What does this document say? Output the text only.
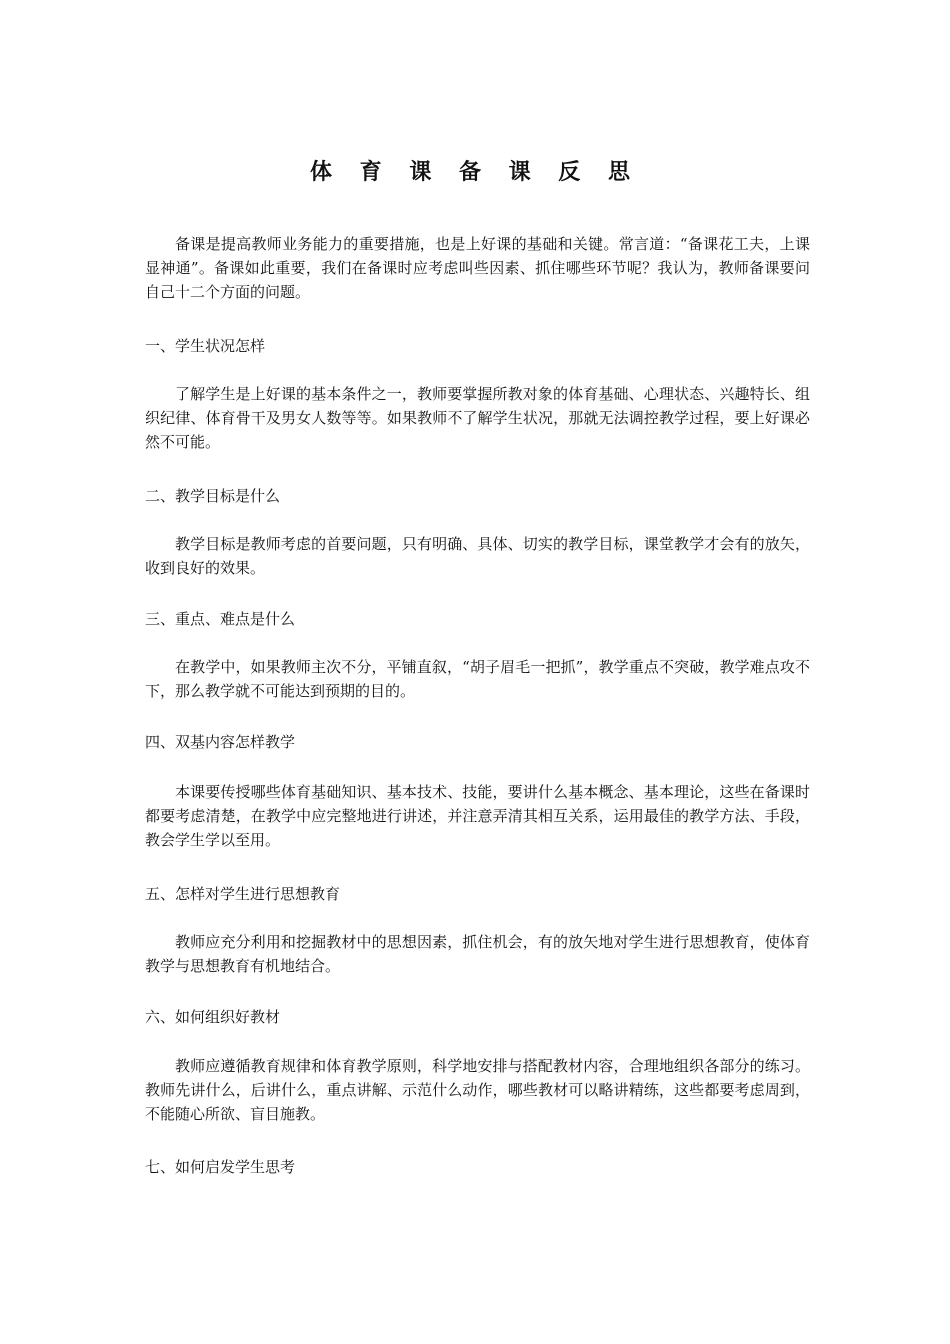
体 育 课 备 课 反 思

备课是提高教师业务能力的重要措施，也是上好课的基础和关键。常言道：“备课花工夫，上课显神通”。备课如此重要，我们在备课时应考虑叫些因素、抓住哪些环节呢？我认为，教师备课要问自己十二个方面的问题。

一、学生状况怎样

了解学生是上好课的基本条件之一，教师要掌握所教对象的体育基础、心理状态、兴趣特长、组织纪律、体育骨干及男女人数等等。如果教师不了解学生状况，那就无法调控教学过程，要上好课必然不可能。

二、教学目标是什么

教学目标是教师考虑的首要问题，只有明确、具体、切实的教学目标，课堂教学才会有的放矢，收到良好的效果。

三、重点、难点是什么

在教学中，如果教师主次不分，平铺直叙，“胡子眉毛一把抓”，教学重点不突破，教学难点攻不下，那么教学就不可能达到预期的目的。

四、双基内容怎样教学

本课要传授哪些体育基础知识、基本技术、技能，要讲什么基本概念、基本理论，这些在备课时都要考虑清楚，在教学中应完整地进行讲述，并注意弄清其相互关系，运用最佳的教学方法、手段，教会学生学以至用。

五、怎样对学生进行思想教育

教师应充分利用和挖掘教材中的思想因素，抓住机会，有的放矢地对学生进行思想教育，使体育教学与思想教育有机地结合。

六、如何组织好教材

教师应遵循教育规律和体育教学原则，科学地安排与搭配教材内容，合理地组织各部分的练习。教师先讲什么，后讲什么，重点讲解、示范什么动作，哪些教材可以略讲精练，这些都要考虑周到，不能随心所欲、盲目施教。

七、如何启发学生思考
